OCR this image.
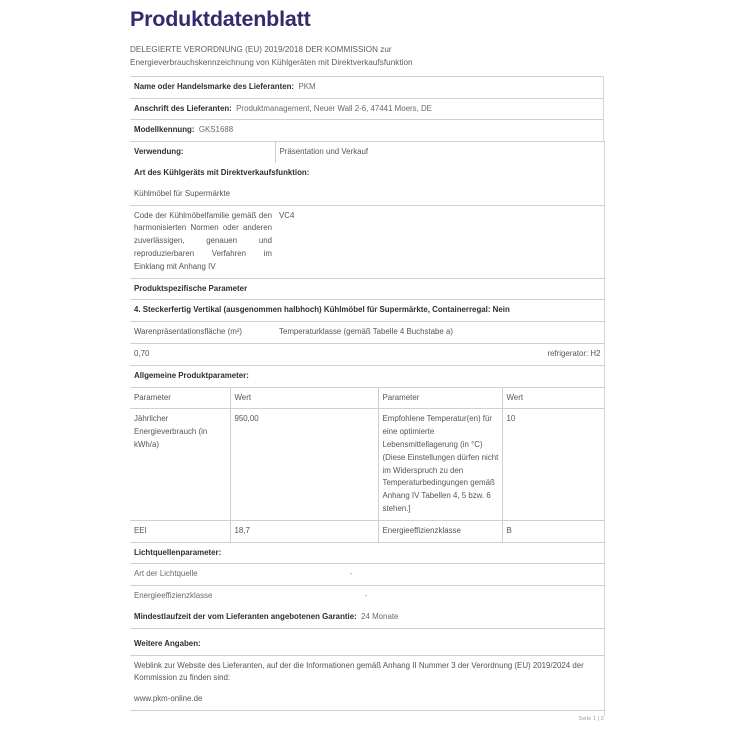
Produktdatenblatt
DELEGIERTE VERORDNUNG (EU) 2019/2018 DER KOMMISSION zur
Energieverbrauchskennzeichnung von Kühlgeräten mit Direktverkaufsfunktion
Name oder Handelsmarke des Lieferanten: PKM
Anschrift des Lieferanten: Produktmanagement, Neuer Wall 2-6, 47441 Moers, DE
Modellkennung: GKS1688
Verwendung:	Präsentation und Verkauf
Art des Kühlgeräts mit Direktverkaufsfunktion:	
Kühlmöbel für Supermärkte	
Code der Kühlmöbelfamilie gemäß den harmonisierten Normen oder anderen zuverlässigen, genauen und reproduzierbaren Verfahren im Einklang mit Anhang IV	VC4
Produktspezifische Parameter	
4. Steckerfertig Vertikal (ausgenommen halbhoch) Kühlmöbel für Supermärkte, Containerregal: Nein	
Warenpräsentationsfläche (m²)	Temperaturklasse (gemäß Tabelle 4 Buchstabe a)
0,70	refrigerator: H2
Allgemeine Produktparameter:			
Parameter	Wert	Parameter	Wert
Jährlicher Energieverbrauch (in kWh/a)	950,00	Empfohlene Temperatur(en) für eine optimierte Lebensmittellagerung (in °C) (Diese Einstellungen dürfen nicht im Widerspruch zu den Temperaturbedingungen gemäß Anhang IV Tabellen 4, 5 bzw. 6 stehen.]	10
EEI	18,7	Energieeffizienzklasse	B
Lichtquellenparameter:
Art der Lichtquelle	-
Energieeffizienzklasse	-
Mindestlaufzeit der vom Lieferanten angebotenen Garantie: 24 Monate

Weitere Angaben:
Weblink zur Website des Lieferanten, auf der die Informationen gemäß Anhang II Nummer 3 der Verordnung (EU) 2019/2024 der Kommission zu finden sind:
www.pkm-online.de

Seite 1 | 2
